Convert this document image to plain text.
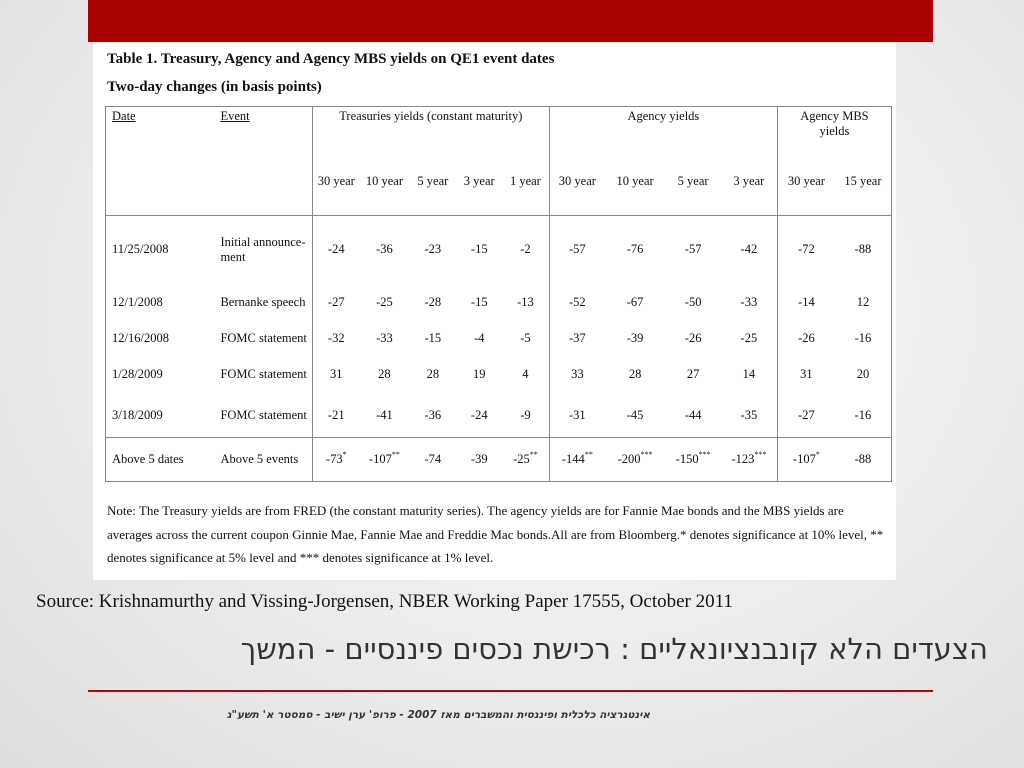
Table 1. Treasury, Agency and Agency MBS yields on QE1 event dates
Two-day changes (in basis points)
Date	Event	Treasuries yields (constant maturity)					Agency yields				Agency MBS yields	
		30 year	10 year	5 year	3 year	1 year	30 year	10 year	5 year	3 year	30 year	15 year

11/25/2008	Initial announce- ment	-24	-36	-23	-15	-2	-57	-76	-57	-42	-72	-88
12/1/2008	Bernanke speech	-27	-25	-28	-15	-13	-52	-67	-50	-33	-14	12
12/16/2008	FOMC statement	-32	-33	-15	-4	-5	-37	-39	-26	-25	-26	-16
1/28/2009	FOMC statement	31	28	28	19	4	33	28	27	14	31	20
3/18/2009	FOMC statement	-21	-41	-36	-24	-9	-31	-45	-44	-35	-27	-16
Above 5 dates	Above 5 events	-73*	-107**	-74	-39	-25**	-144**	-200***	-150***	-123***	-107*	-88
Note: The Treasury yields are from FRED (the constant maturity series). The agency yields are for Fannie Mae bonds and the MBS yields are averages across the current coupon Ginnie Mae, Fannie Mae and Freddie Mac bonds.All are from Bloomberg.* denotes significance at 10% level, ** denotes significance at 5% level and *** denotes significance at 1% level.
Source: Krishnamurthy and Vissing-Jorgensen, NBER Working Paper 17555, October 2011
הצעדים הלא קונבנציונאליים : רכישת נכסים פיננסיים - המשך
אינטגרציה כלכלית ופיננסית והמשברים מאז 2007 - פרופ' ערן ישיב - סמסטר א' תשע"ג
